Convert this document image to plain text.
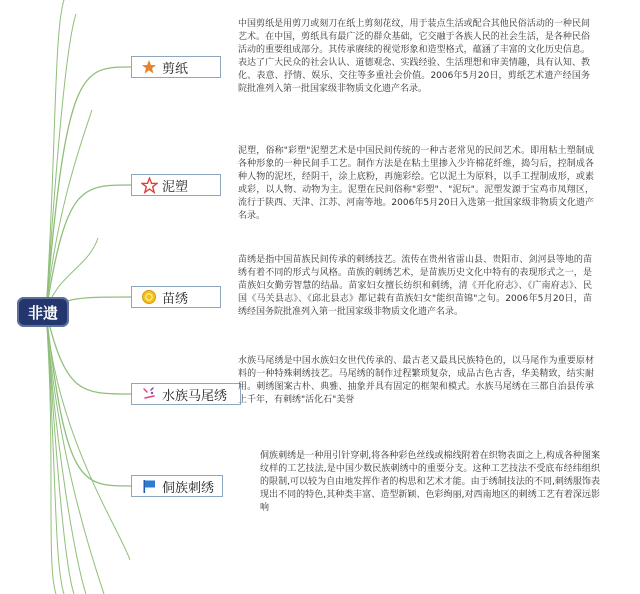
非遗
剪纸
中国剪纸是用剪刀或刻刀在纸上剪刻花纹，用于装点生活或配合其他民俗活动的一种民间艺术。在中国，剪纸具有最广泛的群众基础，它交融于各族人民的社会生活，是各种民俗活动的重要组成部分。其传承赓续的视觉形象和造型格式，蕴涵了丰富的文化历史信息。表达了广大民众的社会认认、道德观念、实践经验、生活理想和审美情趣，具有认知、教化、表意、抒情、娱乐、交往等多重社会价值。2006年5月20日，剪纸艺术遗产经国务院批准列入第一批国家级非物质文化遗产名录。
泥塑
泥塑，俗称"彩塑"泥塑艺术是中国民间传统的一种古老常见的民间艺术。即用粘土塑制成各种形象的一种民间手工艺。制作方法是在粘土里掺入少许棉花纤维，捣匀后，控制成各种人物的泥坯，经阴干，涂上底粉，再施彩绘。它以泥土为原料，以手工捏制成形，或素或彩，以人物、动物为主。泥塑在民间俗称"彩塑"、"泥玩"。泥塑发源于宝鸡市凤翔区，流行于陕西、天津、江苏、河南等地。2006年5月20日入选第一批国家级非物质文化遗产名录。
苗绣
苗绣是指中国苗族民间传承的刺绣技艺。流传在贵州省雷山县、贵阳市、剑河县等地的苗绣有着不同的形式与风格。苗族的刺绣艺术，是苗族历史文化中特有的表现形式之一，是苗族妇女勤劳智慧的结晶。苗家妇女擅长纺织和刺绣，清《开化府志》、《广南府志》、民国《马关县志》、《邱北县志》都记载有苗族妇女"能织苗锦"之句。2006年5月20日，苗绣经国务院批准列入第一批国家级非物质文化遗产名录。
水族马尾绣
水族马尾绣是中国水族妇女世代传承的、最古老又最具民族特色的，以马尾作为重要原材料的一种特殊刺绣技艺。马尾绣的制作过程繁琐复杂，成品古色古香，华美精致，结实耐用。刺绣图案古朴、典雅、抽象并具有固定的框架和模式。水族马尾绣在三都自治县传承上千年，有刺绣"活化石"美誉
侗族刺绣
侗族刺绣是一种用引针穿刺,将各种彩色丝线或棉线附着在织物表面之上,构成各种图案纹样的工艺技法,是中国少数民族刺绣中的重要分支。这种工艺技法不受底布经纬组织的限制,可以较为自由地发挥作者的构思和艺术才能。由于绣制技法的不同,刺绣服饰表现出不同的特色,其种类丰富、造型新颖、色彩绚丽,对西南地区的刺绣工艺有着深远影响
